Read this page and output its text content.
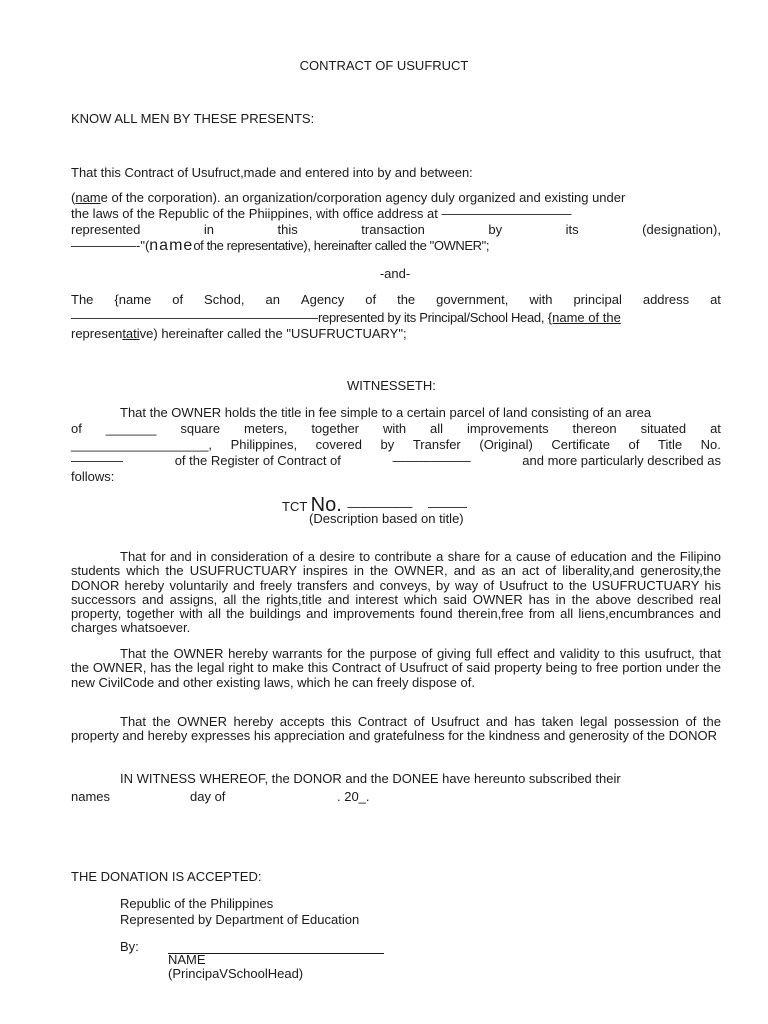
CONTRACT OF USUFRUCT
KNOW ALL MEN BY THESE PRESENTS:
That this Contract of Usufruct,made and entered into by and between:
(name of the corporation). an organization/corporation agency duly organized and existing under
the laws of the Republic of the Phiippines, with office address at ——————————
represented	in	this	transaction	by	its	(designation),
—————-"( name of the representative), hereinafter called the "OWNER";
-and-
The {name of Schod, an Agency of the government, with principal address at
——————————————————— represented by its Principal/School Head,
{name of the
represen tati ve) hereinafter called the "USUFRUCTUARY";
WITNESSETH:
That the OWNER holds the title in fee simple to a certain parcel of land consisting of an area
of _______ square meters, together with all improvements thereon situated at
___________________, Philippines, covered by Transfer (Original) Certificate of Title No.
————	of the Register of Contract of	——————	and more particularly described as
follows:
TCT No. ————— ———
(Description based on title)
That for and in consideration of a desire to contribute a share for a cause of education and the Filipino students which the USUFRUCTUARY inspires in the OWNER, and as an act of liberality,and generosity,the DONOR hereby voluntarily and freely transfers and conveys, by way of Usufruct to the USUFRUCTUARY his successors and assigns, all the rights,title and interest which said OWNER has in the above described real property, together with all the buildings and improvements found therein,free from all liens,encumbrances and charges whatsoever.
That the OWNER hereby warrants for the purpose of giving full effect and validity to this usufruct, that the OWNER, has the legal right to make this Contract of Usufruct of said property being to free portion under the new CivilCode and other existing laws, which he can freely dispose of.
That the OWNER hereby accepts this Contract of Usufruct and has taken legal possession of the property and hereby expresses his appreciation and gratefulness for the kindness and generosity of the DONOR
IN WITNESS WHEREOF, the DONOR and the DONEE have hereunto subscribed their
names	day of	. 20_.
THE DONATION IS ACCEPTED:
Republic of the Philippines
Represented by Department of Education
By:
NAME
(PrincipaVSchoolHead)
